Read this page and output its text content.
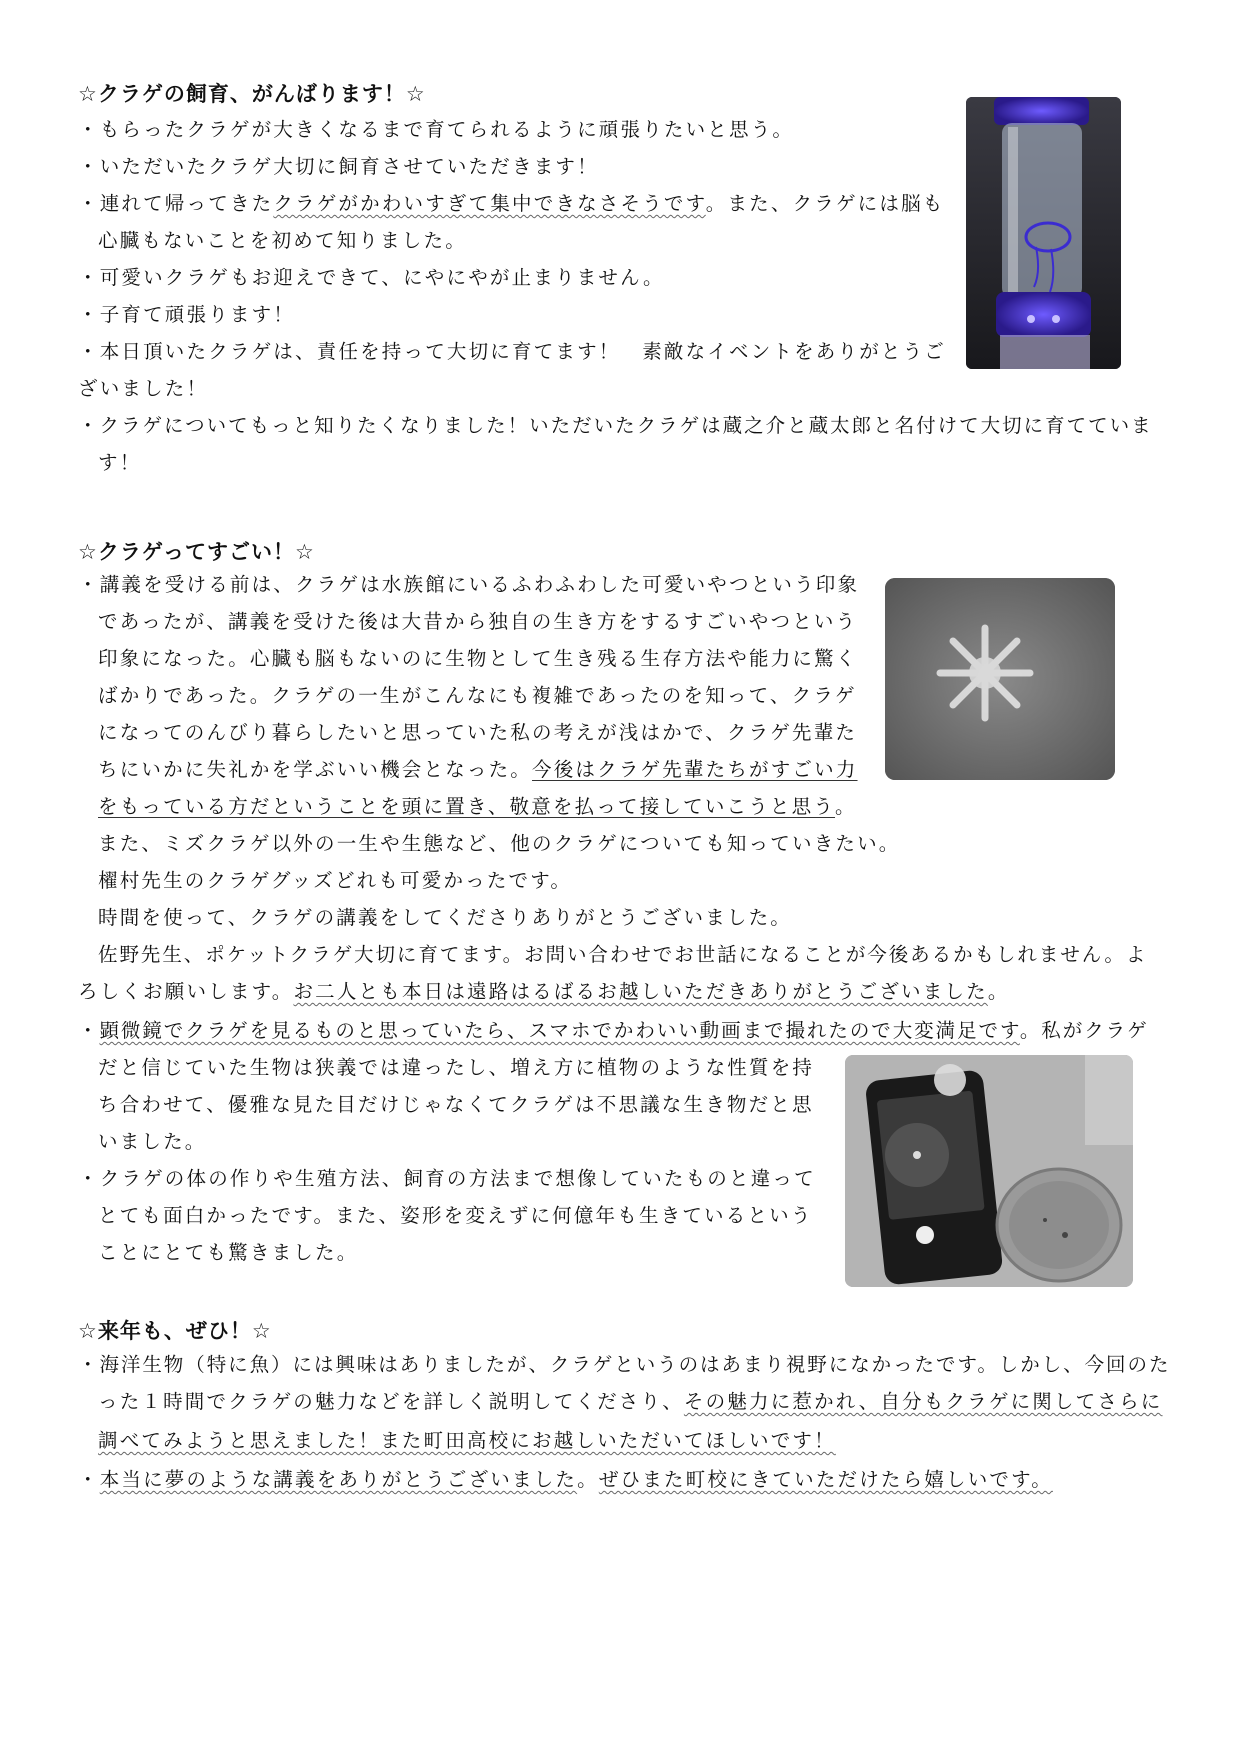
☆クラゲの飼育、がんばります！☆
・もらったクラゲが大きくなるまで育てられるように頑張りたいと思う。
・いただいたクラゲ大切に飼育させていただきます！
・連れて帰ってきたクラゲがかわいすぎて集中できなさそうです。また、クラゲには脳も
心臓もないことを初めて知りました。
・可愛いクラゲもお迎えできて、にやにやが止まりません。
・子育て頑張ります！
・本日頂いたクラゲは、責任を持って大切に育てます！　素敵なイベントをありがとうご
ざいました！
・クラゲについてもっと知りたくなりました！いただいたクラゲは蔵之介と蔵太郎と名付けて大切に育てていま
す！
☆クラゲってすごい！☆
・講義を受ける前は、クラゲは水族館にいるふわふわした可愛いやつという印象
であったが、講義を受けた後は大昔から独自の生き方をするすごいやつという
印象になった。心臓も脳もないのに生物として生き残る生存方法や能力に驚く
ばかりであった。クラゲの一生がこんなにも複雑であったのを知って、クラゲ
になってのんびり暮らしたいと思っていた私の考えが浅はかで、クラゲ先輩た
ちにいかに失礼かを学ぶいい機会となった。今後はクラゲ先輩たちがすごい力
をもっている方だということを頭に置き、敬意を払って接していこうと思う。
また、ミズクラゲ以外の一生や生態など、他のクラゲについても知っていきたい。
櫂村先生のクラゲグッズどれも可愛かったです。
時間を使って、クラゲの講義をしてくださりありがとうございました。
佐野先生、ポケットクラゲ大切に育てます。お問い合わせでお世話になることが今後あるかもしれません。よ
ろしくお願いします。お二人とも本日は遠路はるばるお越しいただきありがとうございました。
・顕微鏡でクラゲを見るものと思っていたら、スマホでかわいい動画まで撮れたので大変満足です。私がクラゲ
だと信じていた生物は狭義では違ったし、増え方に植物のような性質を持
ち合わせて、優雅な見た目だけじゃなくてクラゲは不思議な生き物だと思
いました。
・クラゲの体の作りや生殖方法、飼育の方法まで想像していたものと違って
とても面白かったです。また、姿形を変えずに何億年も生きているという
ことにとても驚きました。
☆来年も、ぜひ！☆
・海洋生物（特に魚）には興味はありましたが、クラゲというのはあまり視野になかったです。しかし、今回のた
った１時間でクラゲの魅力などを詳しく説明してくださり、その魅力に惹かれ、自分もクラゲに関してさらに
調べてみようと思えました！また町田高校にお越しいただいてほしいです！
・本当に夢のような講義をありがとうございました。ぜひまた町校にきていただけたら嬉しいです。
